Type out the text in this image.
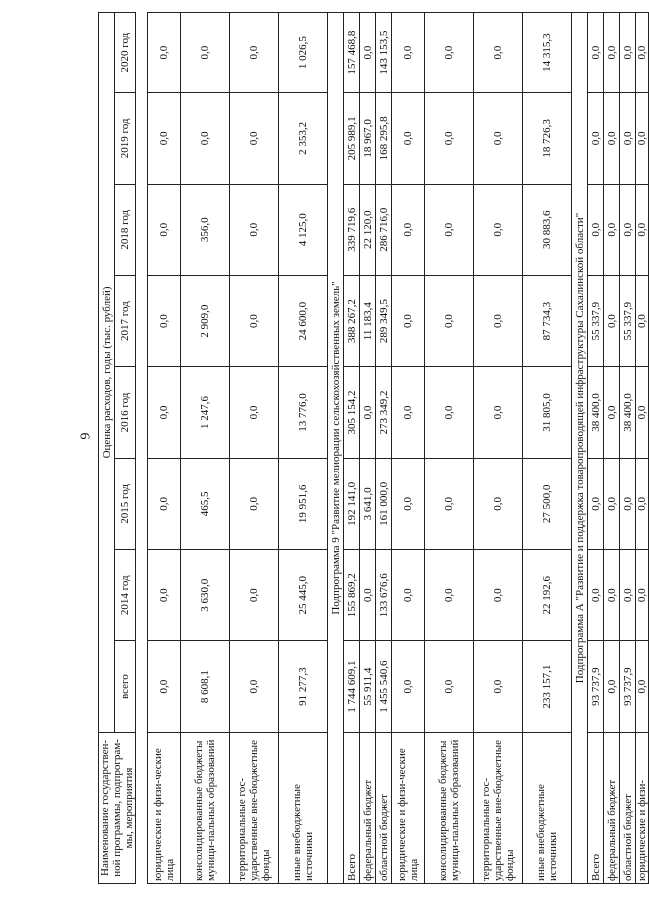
6
Наименование государствен-ной программы, подпрограм-мы, мероприятия	Оценка расходов, годы (тыс. рублей)							
	всего	2014 год	2015 год	2016 год	2017 год	2018 год	2019 год	2020 год

юридические и физи-ческие лица	0,0	0,0	0,0	0,0	0,0	0,0	0,0	0,0
консолидированные бюджеты муници-пальных образований	8 608,1	3 630,0	465,5	1 247,6	2 909,0	356,0	0,0	0,0
территориальные гос-ударственные вне-бюджетные фонды	0,0	0,0	0,0	0,0	0,0	0,0	0,0	0,0
иные внебюджетные источники	91 277,3	25 445,0	19 951,6	13 776,0	24 600,0	4 125,0	2 353,2	1 026,5
Подпрограмма 9 "Развитие мелиорации сельскохозяйственных земель"								
Всего	1 744 609,1	155 869,2	192 141,0	305 154,2	388 267,2	339 719,6	205 989,1	157 468,8
федеральный бюджет	55 911,4	0,0	3 641,0	0,0	11 183,4	22 120,0	18 967,0	0,0
областной бюджет	1 455 540,6	133 676,6	161 000,0	273 349,2	289 349,5	286 716,0	168 295,8	143 153,5
юридические и физи-ческие лица	0,0	0,0	0,0	0,0	0,0	0,0	0,0	0,0
консолидированные бюджеты муници-пальных образований	0,0	0,0	0,0	0,0	0,0	0,0	0,0	0,0
территориальные гос-ударственные вне-бюджетные фонды	0,0	0,0	0,0	0,0	0,0	0,0	0,0	0,0
иные внебюджетные источники	233 157,1	22 192,6	27 500,0	31 805,0	87 734,3	30 883,6	18 726,3	14 315,3
Подпрограмма А "Развитие и поддержка товаропроводящей инфраструктуры Сахалинской области"								
Всего	93 737,9	0,0	0,0	38 400,0	55 337,9	0,0	0,0	0,0
федеральный бюджет	0,0	0,0	0,0	0,0	0,0	0,0	0,0	0,0
областной бюджет	93 737,9	0,0	0,0	38 400,0	55 337,9	0,0	0,0	0,0
юридические и физи-	0,0	0,0	0,0	0,0	0,0	0,0	0,0	0,0
